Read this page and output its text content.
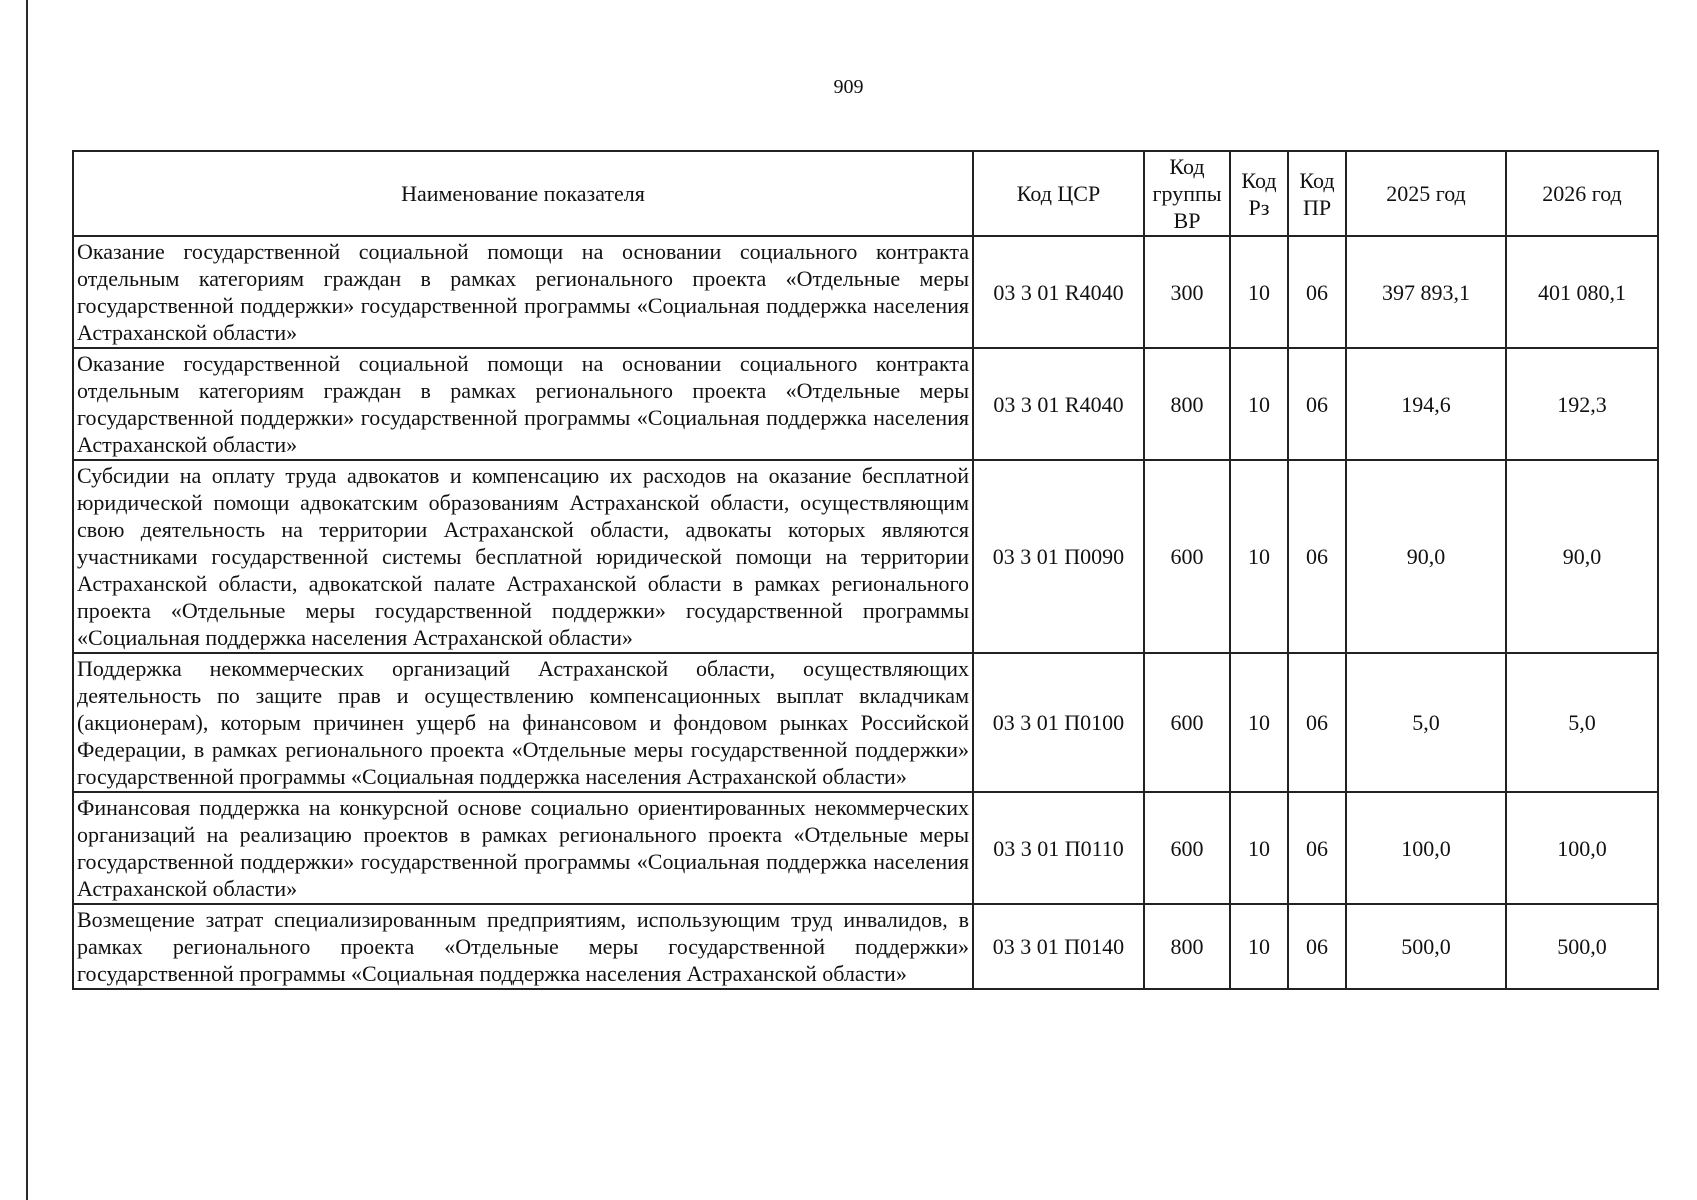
909
Наименование показателя	Код ЦСР	Код группы ВР	Код Рз	Код ПР	2025 год	2026 год
Оказание государственной социальной помощи на основании социального контракта отдельным категориям граждан в рамках регионального проекта «Отдельные меры государственной поддержки» государственной программы «Социальная поддержка населения Астраханской области»	03 3 01 R4040	300	10	06	397 893,1	401 080,1
Оказание государственной социальной помощи на основании социального контракта отдельным категориям граждан в рамках регионального проекта «Отдельные меры государственной поддержки» государственной программы «Социальная поддержка населения Астраханской области»	03 3 01 R4040	800	10	06	194,6	192,3
Субсидии на оплату труда адвокатов и компенсацию их расходов на оказание бесплатной юридической помощи адвокатским образованиям Астраханской области, осуществляющим свою деятельность на территории Астраханской области, адвокаты которых являются участниками государственной системы бесплатной юридической помощи на территории Астраханской области, адвокатской палате Астраханской области в рамках регионального проекта «Отдельные меры государственной поддержки» государственной программы «Социальная поддержка населения Астраханской области»	03 3 01 П0090	600	10	06	90,0	90,0
Поддержка некоммерческих организаций Астраханской области, осуществляющих деятельность по защите прав и осуществлению компенсационных выплат вкладчикам (акционерам), которым причинен ущерб на финансовом и фондовом рынках Российской Федерации, в рамках регионального проекта «Отдельные меры государственной поддержки» государственной программы «Социальная поддержка населения Астраханской области»	03 3 01 П0100	600	10	06	5,0	5,0
Финансовая поддержка на конкурсной основе социально ориентированных некоммерческих организаций на реализацию проектов в рамках регионального проекта «Отдельные меры государственной поддержки» государственной программы «Социальная поддержка населения Астраханской области»	03 3 01 П0110	600	10	06	100,0	100,0
Возмещение затрат специализированным предприятиям, использующим труд инвалидов, в рамках регионального проекта «Отдельные меры государственной поддержки» государственной программы «Социальная поддержка населения Астраханской области»	03 3 01 П0140	800	10	06	500,0	500,0
